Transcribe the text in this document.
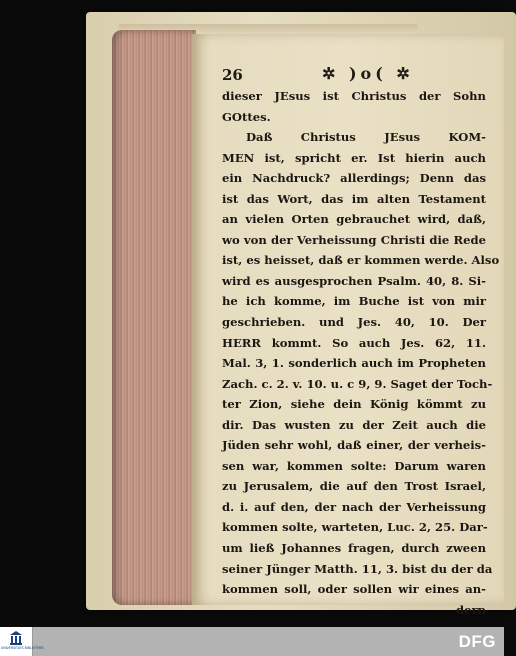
26	✲ )o( ✲
dieser JEsus ist Christus der Sohn
GOttes.
Daß Christus JEsus KOM-
MEN ist, spricht er. Ist hierin auch
ein Nachdruck? allerdings; Denn das
ist das Wort, das im alten Testament
an vielen Orten gebrauchet wird, daß,
wo von der Verheissung Christi die Rede
ist, es heisset, daß er kommen werde. Also
wird es ausgesprochen Psalm. 40, 8. Si-
he ich komme, im Buche ist von mir
geschrieben. und Jes. 40, 10. Der
HERR kommt. So auch Jes. 62, 11.
Mal. 3, 1. sonderlich auch im Propheten
Zach. c. 2. v. 10. u. c 9, 9. Saget der Toch-
ter Zion, siehe dein König kömmt zu
dir. Das wusten zu der Zeit auch die
Jüden sehr wohl, daß einer, der verheis-
sen war, kommen solte: Darum waren
zu Jerusalem, die auf den Trost Israel,
d. i. auf den, der nach der Verheissung
kommen solte, warteten, Luc. 2, 25. Dar-
um ließ Johannes fragen, durch zween
seiner Jünger Matth. 11, 3. bist du der da
kommen soll, oder sollen wir eines an-
dern
UNIVERSITÄTS BIBLIOTHEK	DFG
